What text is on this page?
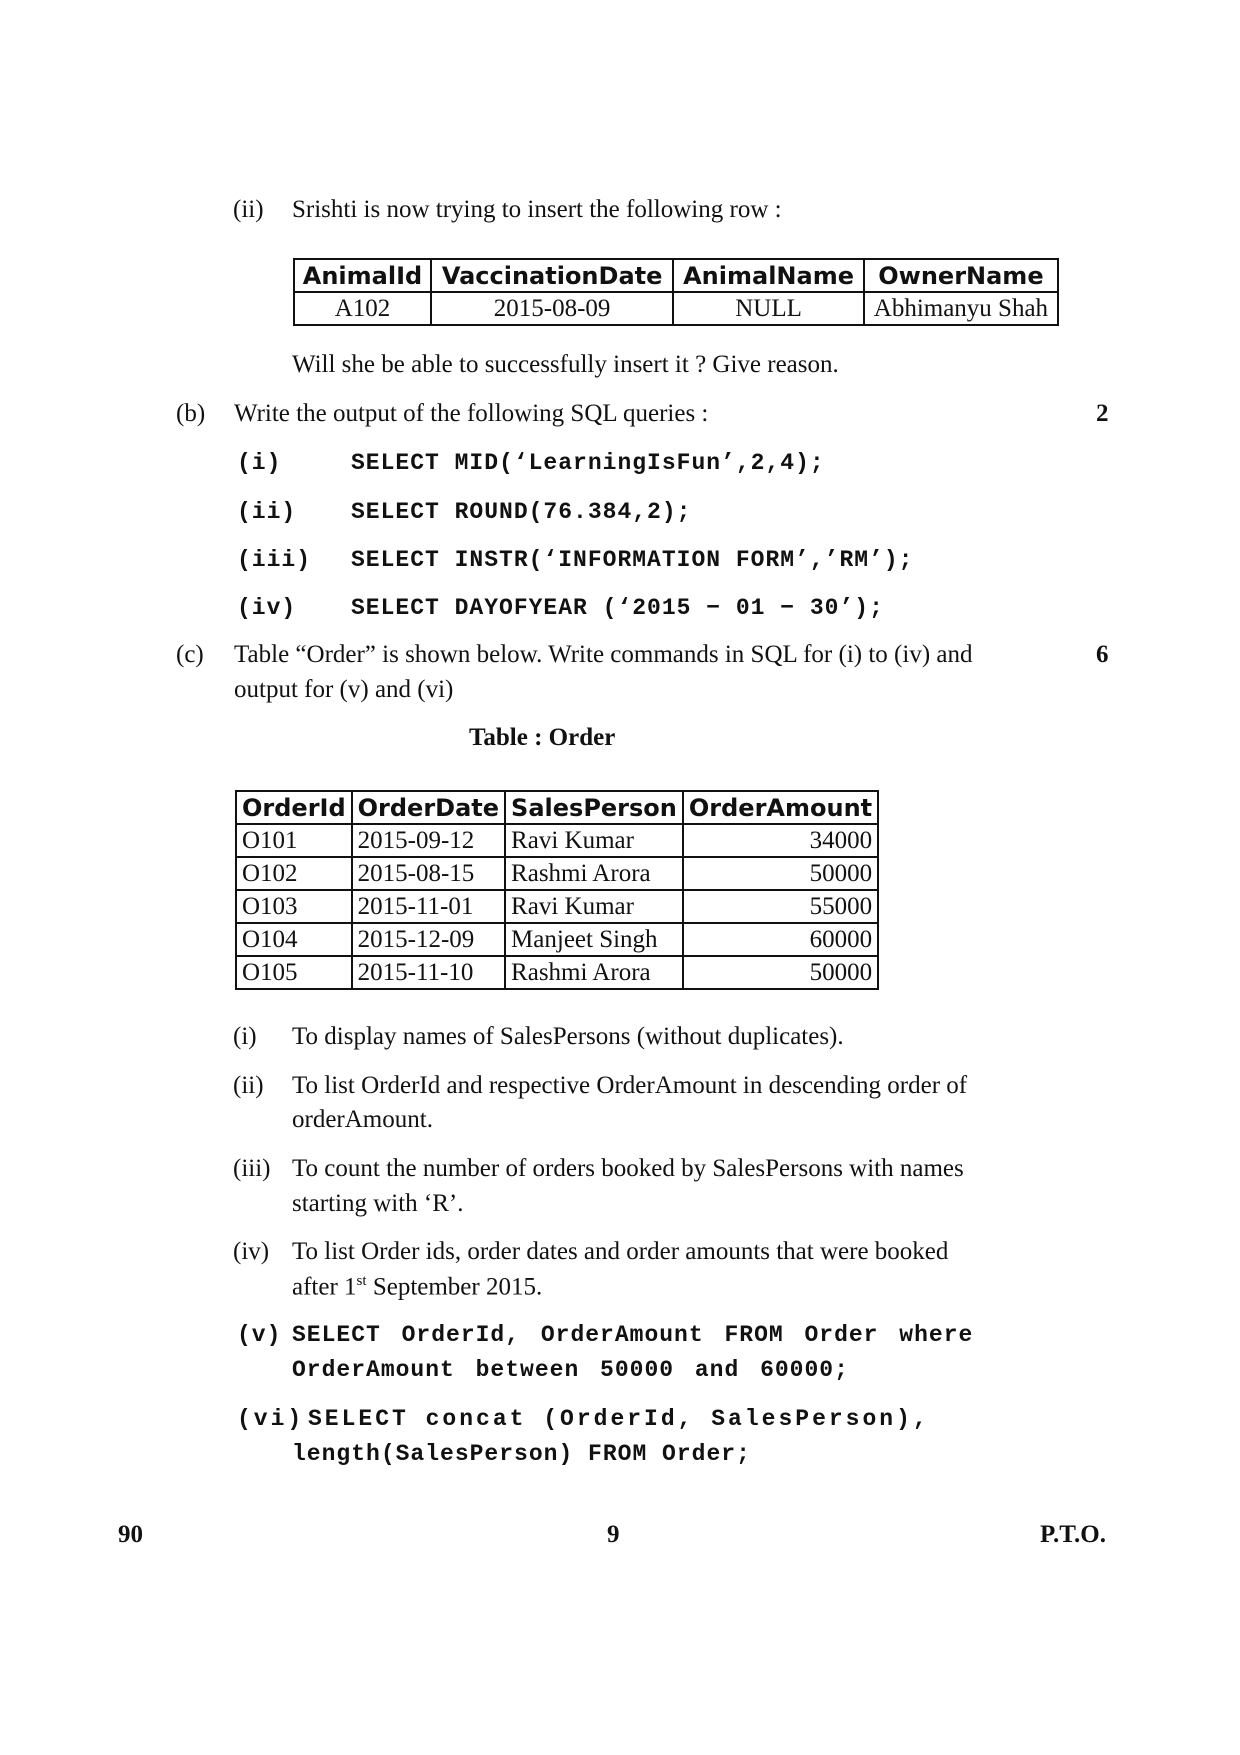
(ii) Srishti is now trying to insert the following row :
AnimalId	VaccinationDate	AnimalName	OwnerName
A102	2015-08-09	NULL	Abhimanyu Shah
Will she be able to successfully insert it ? Give reason.
(b) Write the output of the following SQL queries :	2
(i)	SELECT MID(‘LearningIsFun’,2,4);
(ii) SELECT ROUND(76.384,2);
(iii) SELECT INSTR(‘INFORMATION FORM’,’RM’);
(iv) SELECT DAYOFYEAR (‘2015 − 01 − 30’);
(c) Table “Order” is shown below. Write commands in SQL for (i) to (iv) and	6
output for (v) and (vi)
Table : Order
OrderId	OrderDate	SalesPerson	OrderAmount
O101	2015-09-12	Ravi Kumar	34000
O102	2015-08-15	Rashmi Arora	50000
O103	2015-11-01	Ravi Kumar	55000
O104	2015-12-09	Manjeet Singh	60000
O105	2015-11-10	Rashmi Arora	50000
(i) To display names of SalesPersons (without duplicates).
(ii) To list OrderId and respective OrderAmount in descending order of
orderAmount.
(iii) To count the number of orders booked by SalesPersons with names
starting with ‘R’.
(iv) To list Order ids, order dates and order amounts that were booked
after 1st September 2015.
(v) SELECT OrderId, OrderAmount FROM Order where
OrderAmount between 50000 and 60000;
(vi) SELECT concat (OrderId, SalesPerson),
length(SalesPerson) FROM Order;
90	9	P.T.O.
